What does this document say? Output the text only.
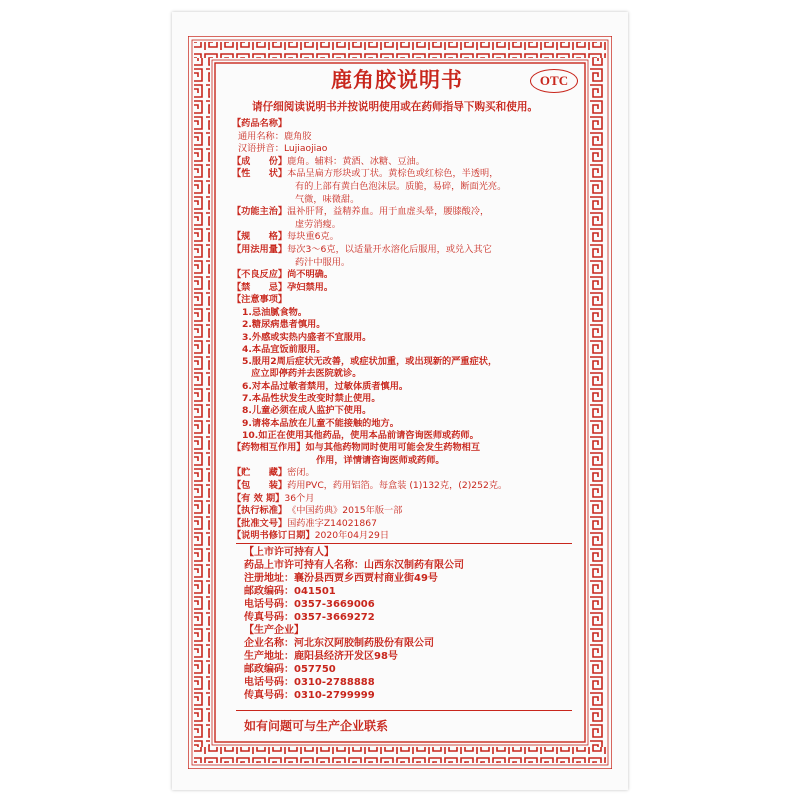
鹿角胶说明书	OTC
请仔细阅读说明书并按说明使用或在药师指导下购买和使用。
【药品名称】
通用名称： 鹿角胶
汉语拼音： Lujiaojiao
【成　　份】 鹿角。辅料：黄酒、冰糖、豆油。
【性　　状】 本品呈扁方形块或丁状。黄棕色或红棕色，半透明，
有的上部有黄白色泡沫层。质脆，易碎，断面光亮。
气微，味微甜。
【功能主治】 温补肝肾，益精养血。用于血虚头晕，腰膝酸冷，
虚劳消瘦。
【规　　格】 每块重6克。
【用法用量】 每次3～6克，以适量开水溶化后服用，或兑入其它
药汁中服用。
【不良反应】 尚不明确。
【禁　　忌】 孕妇禁用。
【注意事项】
1.忌油腻食物。
2.糖尿病患者慎用。
3.外感或实热内盛者不宜服用。
4.本品宜饭前服用。
5.服用2周后症状无改善，或症状加重，或出现新的严重症状，
　应立即停药并去医院就诊。
6.对本品过敏者禁用，过敏体质者慎用。
7.本品性状发生改变时禁止使用。
8.儿童必须在成人监护下使用。
9.请将本品放在儿童不能接触的地方。
10.如正在使用其他药品，使用本品前请咨询医师或药师。
【药物相互作用】 如与其他药物同时使用可能会发生药物相互
作用，详情请咨询医师或药师。
【贮　　藏】 密闭。
【包　　装】 药用PVC，药用铝箔。每盒装 (1)132克，(2)252克。
【有 效 期】 36个月
【执行标准】 《中国药典》2015年版一部
【批准文号】 国药准字Z14021867
【说明书修订日期】 2020年04月29日
【上市许可持有人】
药品上市许可持有人名称：山西东汉制药有限公司
注册地址：襄汾县西贾乡西贾村商业街49号
邮政编码：041501
电话号码：0357-3669006
传真号码：0357-3669272
【生产企业】
企业名称：河北东汉阿胶制药股份有限公司
生产地址：鹿阳县经济开发区98号
邮政编码：057750
电话号码：0310-2788888
传真号码：0310-2799999
如有问题可与生产企业联系
